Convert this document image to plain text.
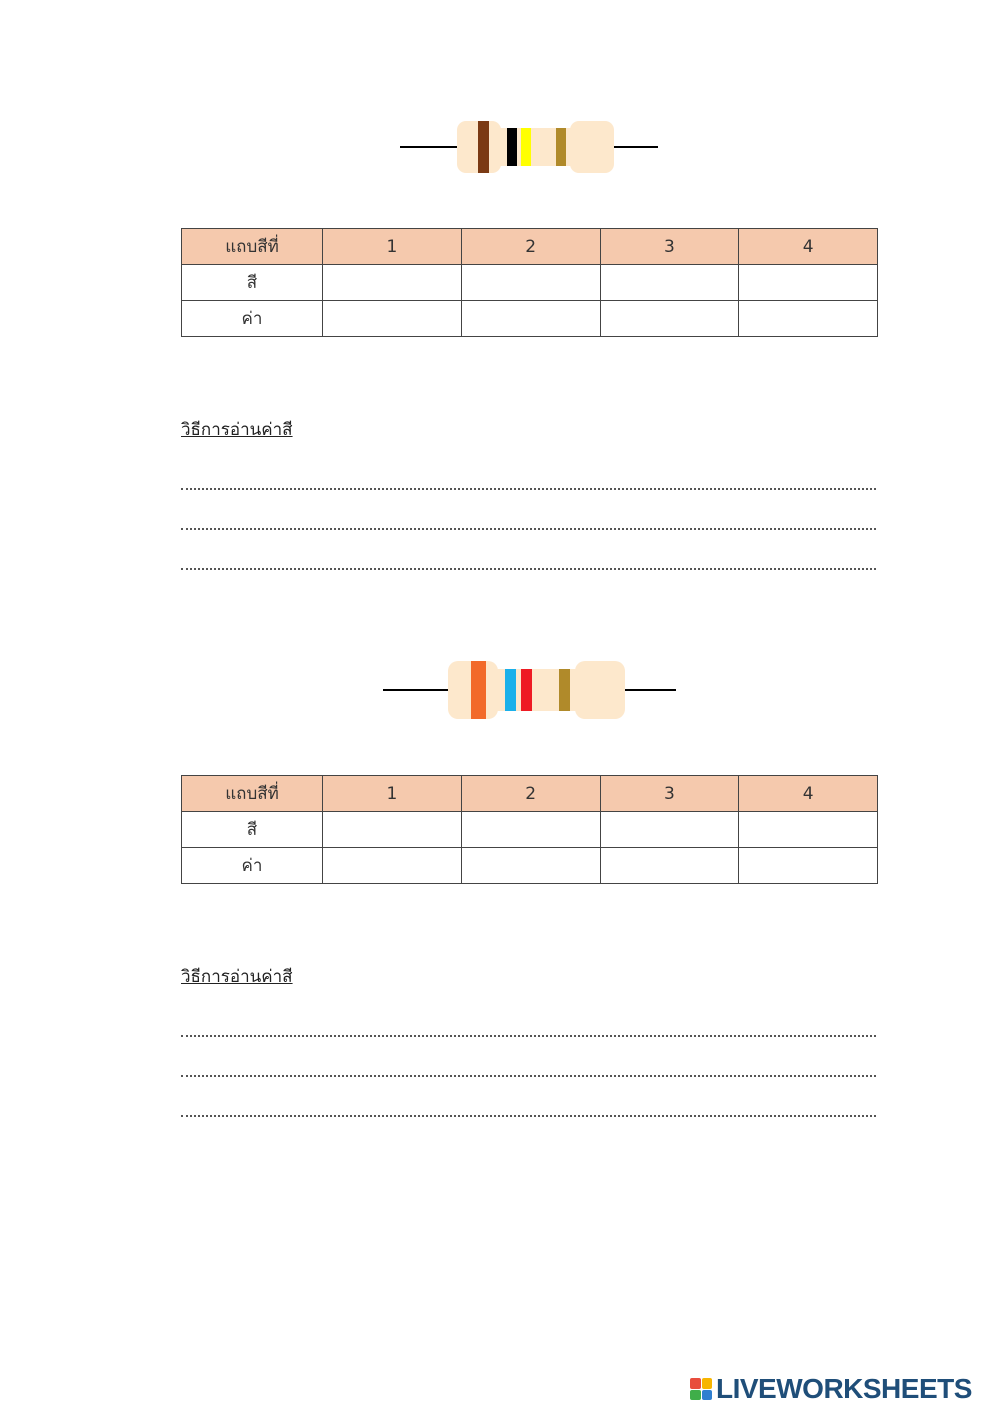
แถบสีที่	1	2	3	4
สี				
ค่า				
วิธีการอ่านค่าสี
แถบสีที่	1	2	3	4
สี				
ค่า				
วิธีการอ่านค่าสี
LIVEWORKSHEETS
